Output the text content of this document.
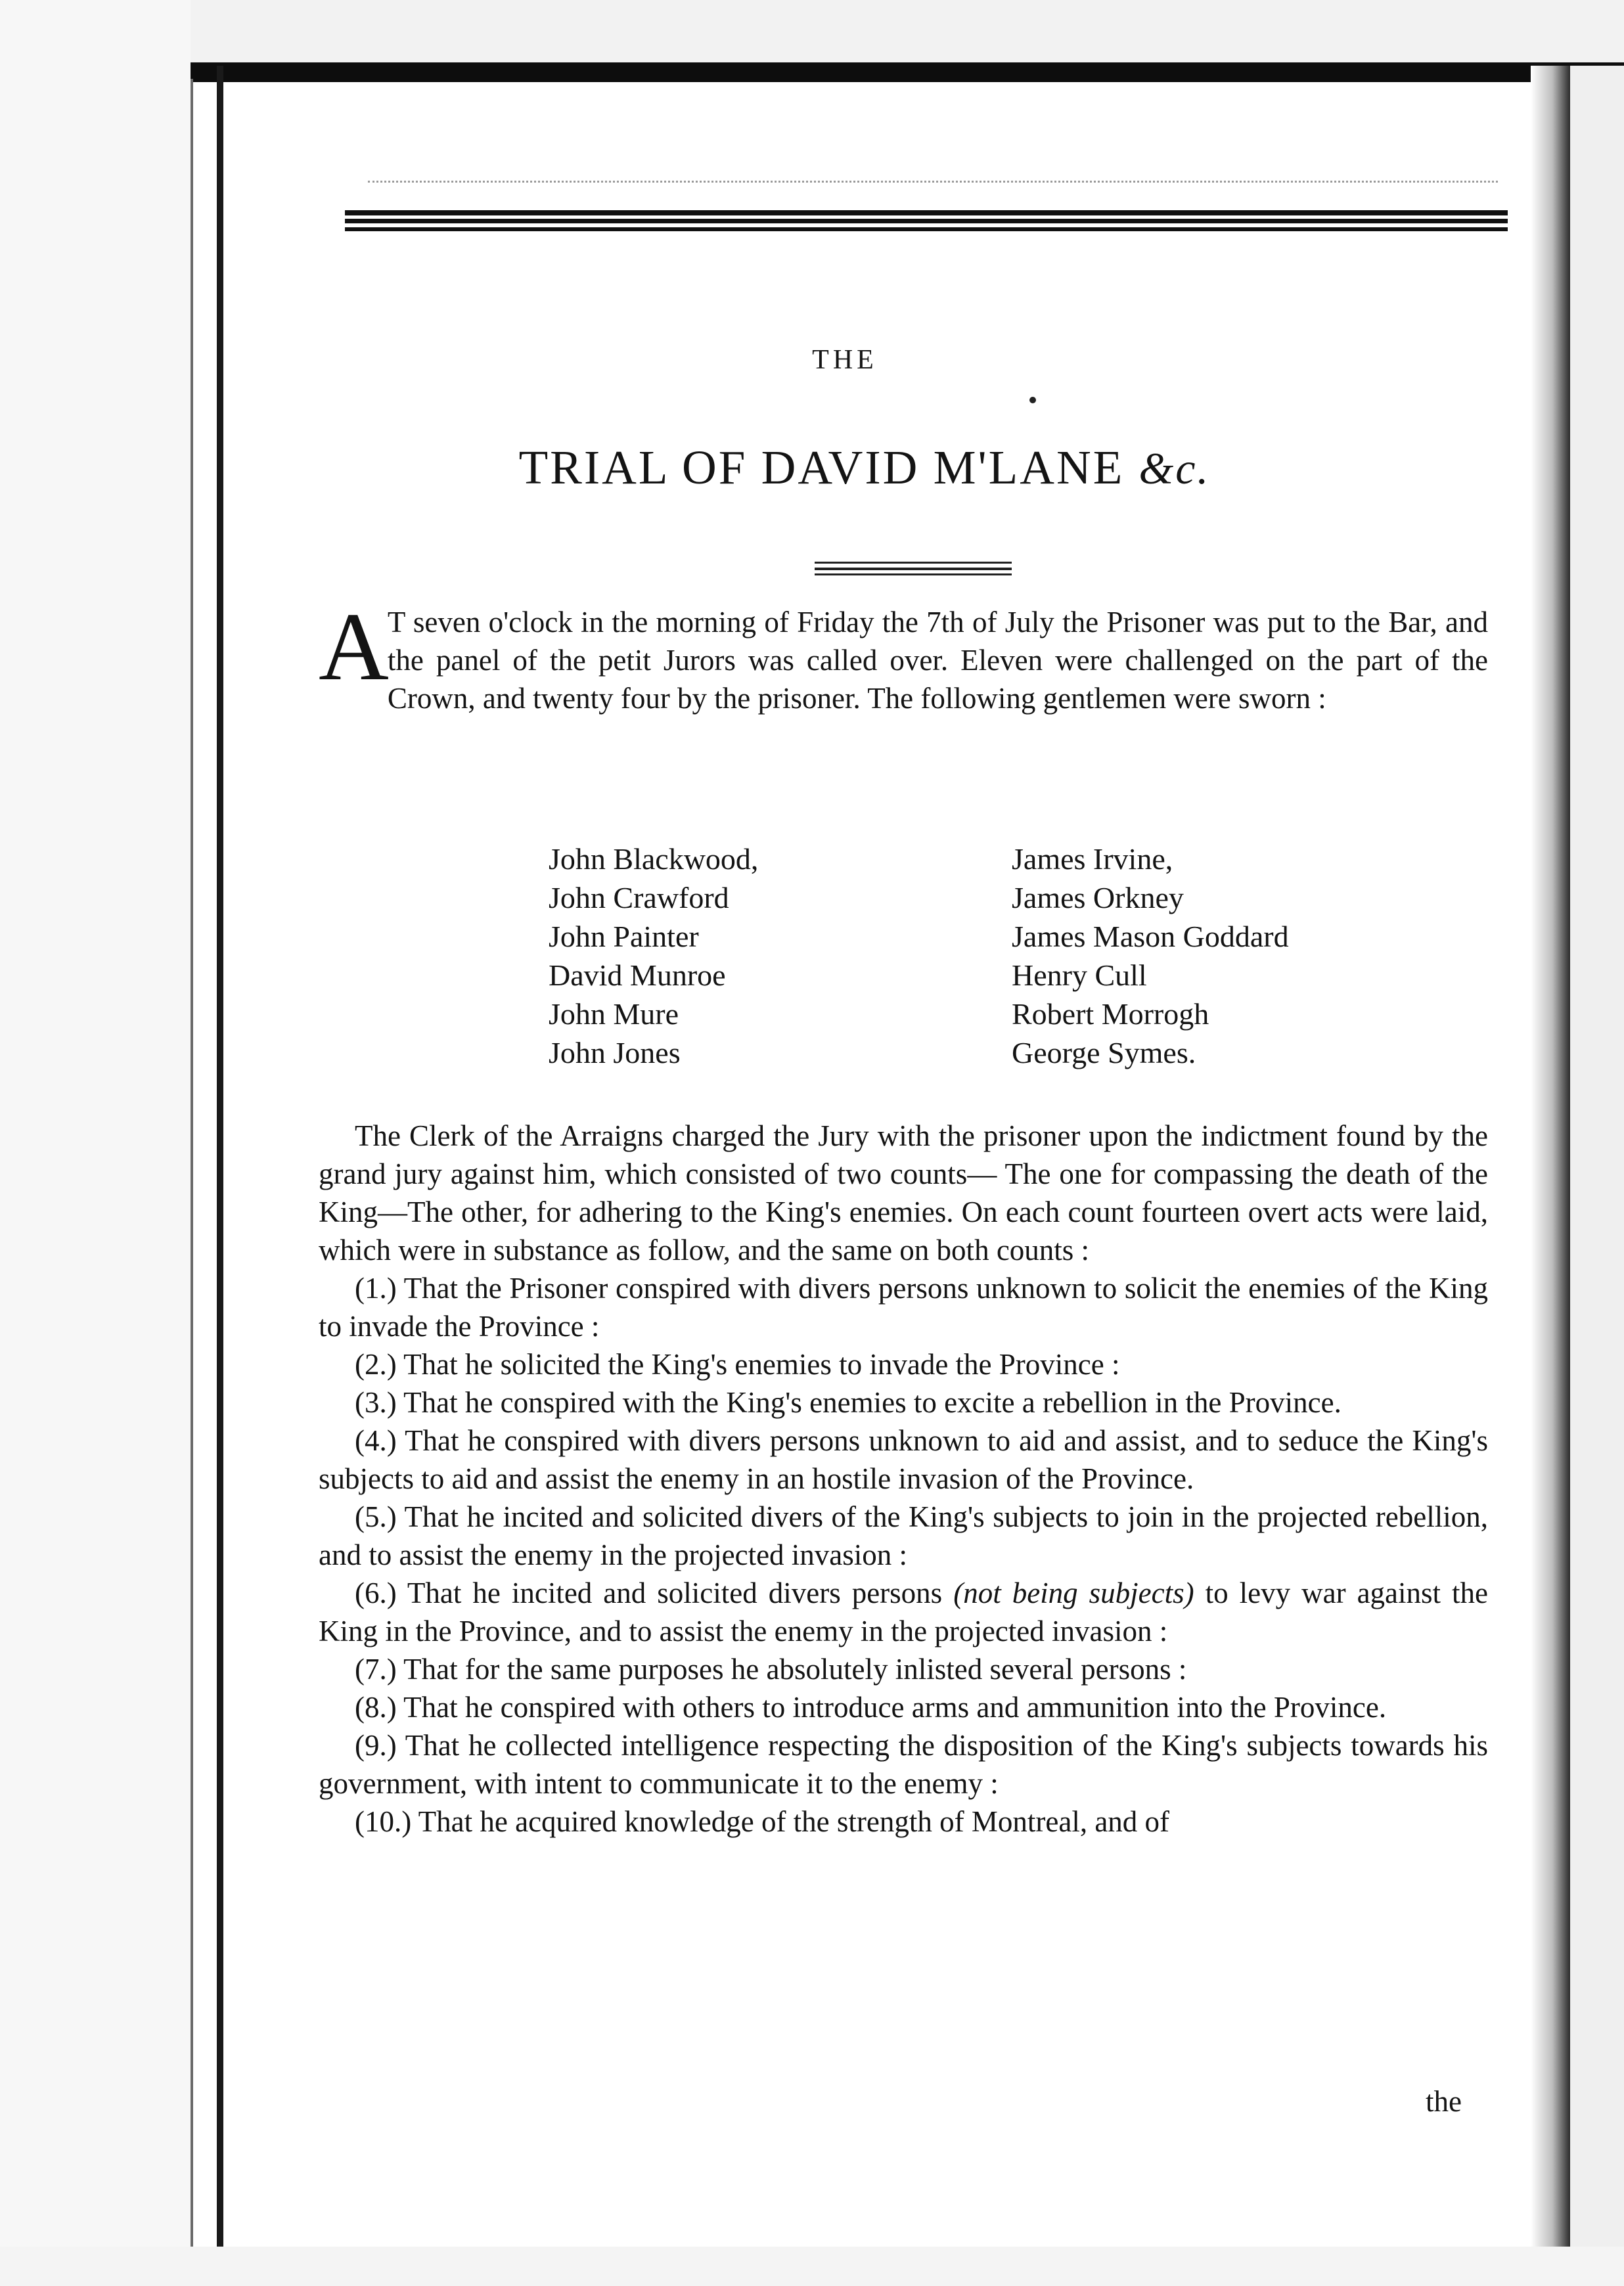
THE
TRIAL OF DAVID M'LANE &c.
A T seven o'clock in the morning of Friday the 7th of July the Prisoner was put to the Bar, and the panel of the petit Jurors was called over. Eleven were challenged on the part of the Crown, and twenty four by the prisoner. The following gentlemen were sworn :
John Blackwood,
John Crawford
John Painter
David Munroe
John Mure
John Jones
James Irvine,
James Orkney
James Mason Goddard
Henry Cull
Robert Morrogh
George Symes.

The Clerk of the Arraigns charged the Jury with the prisoner upon the indictment found by the grand jury against him, which consisted of two counts— The one for compassing the death of the King—The other, for adhering to the King's enemies. On each count fourteen overt acts were laid, which were in substance as follow, and the same on both counts :

(1.) That the Prisoner conspired with divers persons unknown to solicit the enemies of the King to invade the Province :

(2.) That he solicited the King's enemies to invade the Province :

(3.) That he conspired with the King's enemies to excite a rebellion in the Province.

(4.) That he conspired with divers persons unknown to aid and assist, and to seduce the King's subjects to aid and assist the enemy in an hostile invasion of the Province.

(5.) That he incited and solicited divers of the King's subjects to join in the projected rebellion, and to assist the enemy in the projected invasion :

(6.) That he incited and solicited divers persons (not being subjects) to levy war against the King in the Province, and to assist the enemy in the projected invasion :

(7.) That for the same purposes he absolutely inlisted several persons :

(8.) That he conspired with others to introduce arms and ammunition into the Province.

(9.) That he collected intelligence respecting the disposition of the King's subjects towards his government, with intent to communicate it to the enemy :

(10.) That he acquired knowledge of the strength of Montreal, and of

the
